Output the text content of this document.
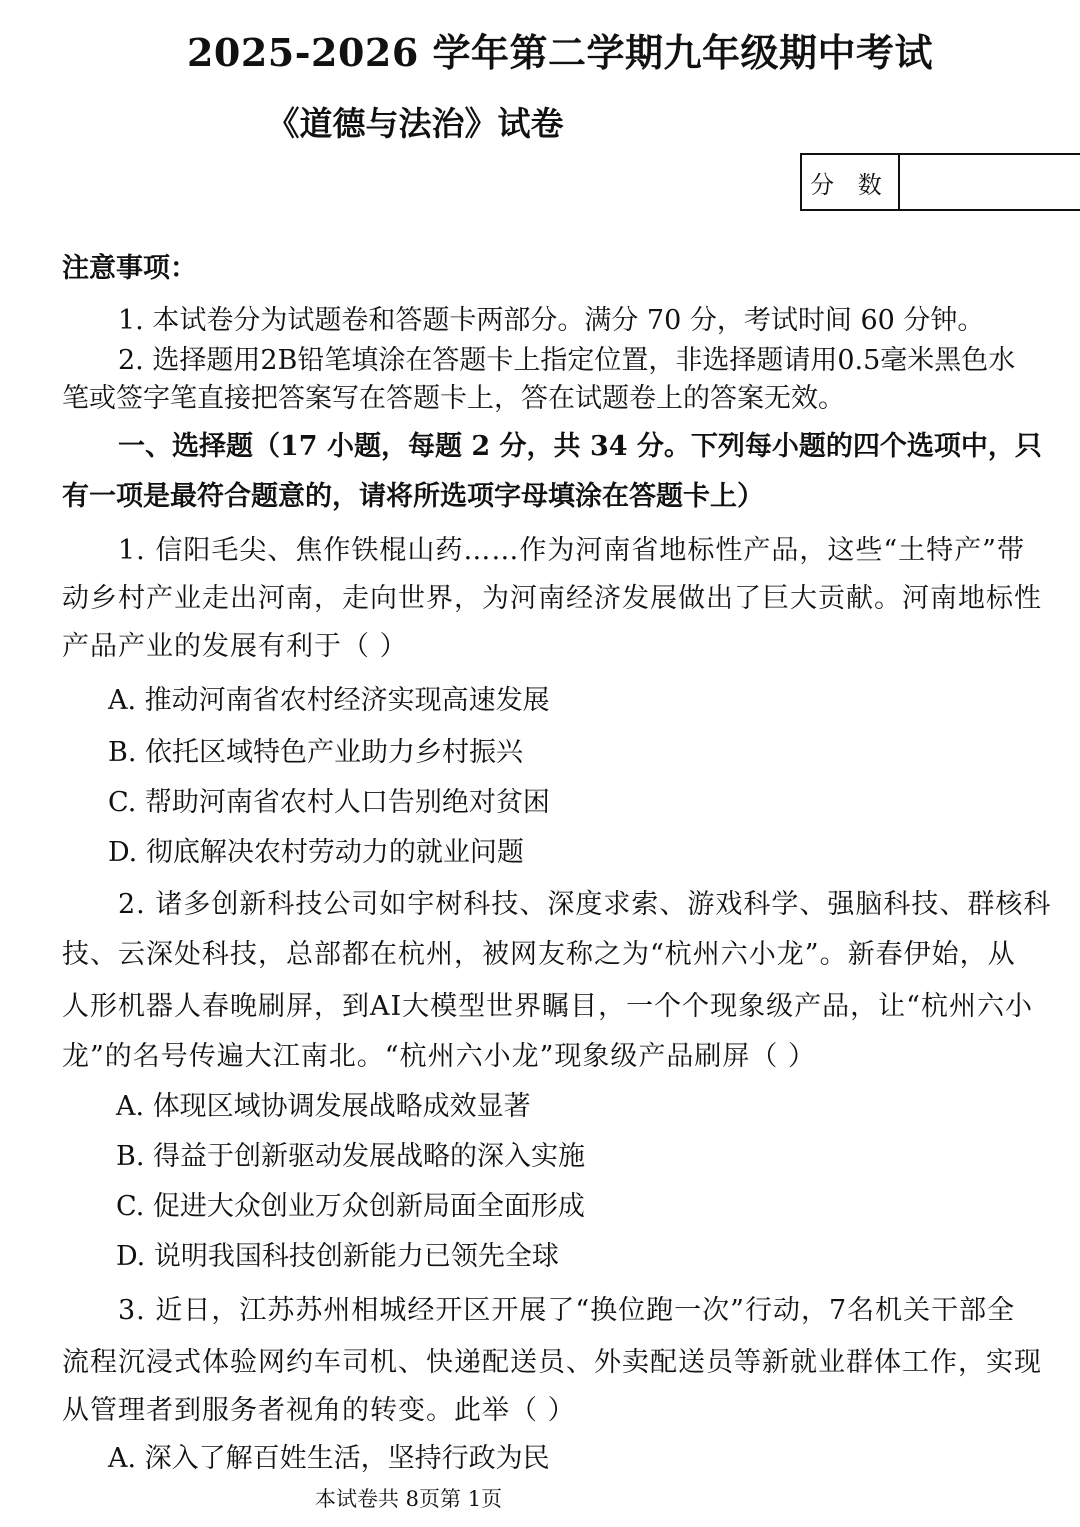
2025-2026 学年第二学期九年级期中考试
《道德与法治》试卷
分 数
注意事项：
1. 本试卷分为试题卷和答题卡两部分。满分 70 分，考试时间 60 分钟。
2. 选择题用2B铅笔填涂在答题卡上指定位置，非选择题请用0.5毫米黑色水
笔或签字笔直接把答案写在答题卡上，答在试题卷上的答案无效。
一、选择题（17 小题，每题 2 分，共 34 分。下列每小题的四个选项中，只
有一项是最符合题意的，请将所选项字母填涂在答题卡上）
1. 信阳毛尖、焦作铁棍山药……作为河南省地标性产品，这些“土特产”带
动乡村产业走出河南，走向世界，为河南经济发展做出了巨大贡献。河南地标性
产品产业的发展有利于（ ）
A. 推动河南省农村经济实现高速发展
B. 依托区域特色产业助力乡村振兴
C. 帮助河南省农村人口告别绝对贫困
D. 彻底解决农村劳动力的就业问题
2. 诸多创新科技公司如宇树科技、深度求索、游戏科学、强脑科技、群核科
技、云深处科技，总部都在杭州，被网友称之为“杭州六小龙”。新春伊始，从
人形机器人春晚刷屏，到AI大模型世界瞩目，一个个现象级产品，让“杭州六小
龙”的名号传遍大江南北。“杭州六小龙”现象级产品刷屏（ ）
A. 体现区域协调发展战略成效显著
B. 得益于创新驱动发展战略的深入实施
C. 促进大众创业万众创新局面全面形成
D. 说明我国科技创新能力已领先全球
3. 近日，江苏苏州相城经开区开展了“换位跑一次”行动，7名机关干部全
流程沉浸式体验网约车司机、快递配送员、外卖配送员等新就业群体工作，实现
从管理者到服务者视角的转变。此举（ ）
A. 深入了解百姓生活，坚持行政为民
本试卷共 8页第 1页
